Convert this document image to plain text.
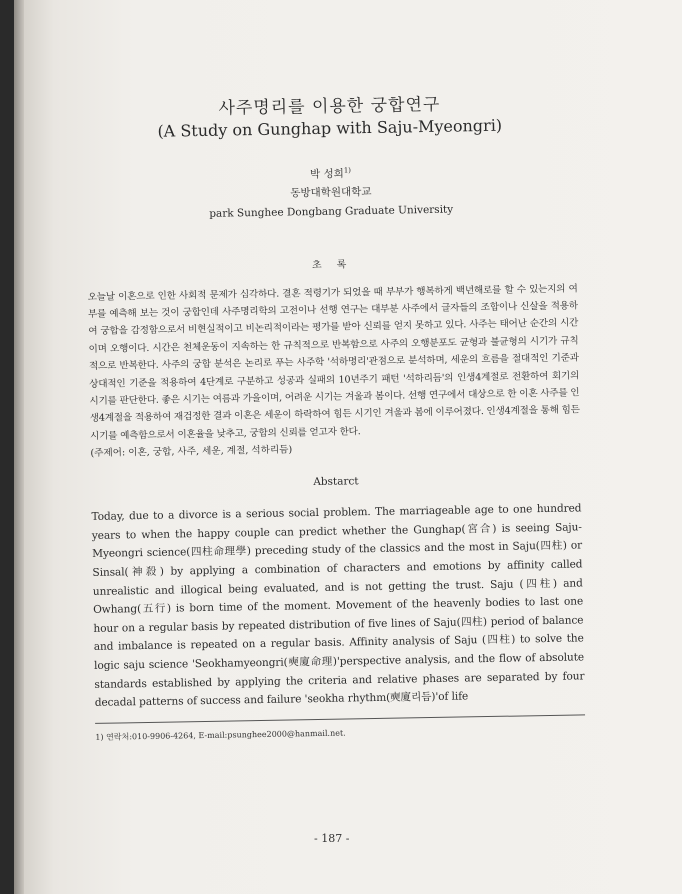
사주명리를 이용한 궁합연구
(A Study on Gunghap with Saju-Myeongri)
박 성희$^{1)}$
동방대학원대학교
park Sunghee Dongbang Graduate University
초 록

오늘날 이혼으로 인한 사회적 문제가 심각하다. 결혼 적령기가 되었을 때 부부가 행복하게 백년해로를 할 수 있는지의 여부를 예측해 보는 것이 궁합인데 사주명리학의 고전이나 선행 연구는 대부분 사주에서 글자들의 조합이나 신살을 적용하여 궁합을 감정함으로서 비현실적이고 비논리적이라는 평가를 받아 신뢰를 얻지 못하고 있다. 사주는 태어난 순간의 시간이며 오행이다. 시간은 천체운동이 지속하는 한 규칙적으로 반복함으로 사주의 오행분포도 균형과 불균형의 시기가 규칙적으로 반복한다. 사주의 궁합 분석은 논리로 푸는 사주학 '석하명리'관점으로 분석하며, 세운의 흐름을 절대적인 기준과 상대적인 기준을 적용하여 4단계로 구분하고 성공과 실패의 10년주기 패턴 '석하리듬'의 인생4계절로 전환하여 회기의 시기를 판단한다. 좋은 시기는 여름과 가을이며, 어려운 시기는 겨울과 봄이다. 선행 연구에서 대상으로 한 이혼 사주를 인생4계절을 적용하여 재검정한 결과 이혼은 세운이 하락하여 힘든 시기인 겨울과 봄에 이루어졌다. 인생4계절을 통해 힘든 시기를 예측함으로서 이혼율을 낮추고, 궁합의 신뢰를 얻고자 한다.

(주제어: 이혼, 궁합, 사주, 세운, 계절, 석하리듬)

Abstarct

Today, due to a divorce is a serious social problem. The marriageable age to one hundred years to when the happy couple can predict whether the Gunghap(宮合) is seeing Saju-Myeongri science(四柱命理學) preceding study of the classics and the most in Saju(四柱) or Sinsal(神殺) by applying a combination of characters and emotions by affinity called unrealistic and illogical being evaluated, and is not getting the trust. Saju (四柱) and Owhang(五行) is born time of the moment. Movement of the heavenly bodies to last one hour on a regular basis by repeated distribution of five lines of Saju(四柱) period of balance and imbalance is repeated on a regular basis. Affinity analysis of Saju (四柱) to solve the logic saju science 'Seokhamyeongri(奭廈命理)'perspective analysis, and the flow of absolute standards established by applying the criteria and relative phases are separated by four decadal patterns of success and failure 'seokha rhythm(奭廈리듬)'of life

1) 연락처:010-9906-4264, E-mail:psunghee2000@hanmail.net.

- 187 -
